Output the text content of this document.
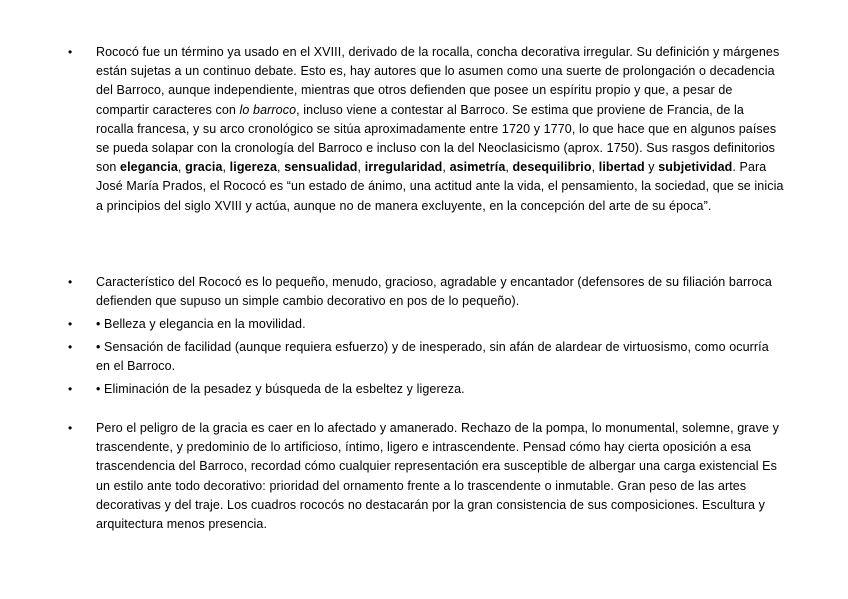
• Rococó fue un término ya usado en el XVIII, derivado de la rocalla, concha decorativa irregular. Su definición y márgenes están sujetas a un continuo debate. Esto es, hay autores que lo asumen como una suerte de prolongación o decadencia del Barroco, aunque independiente, mientras que otros defienden que posee un espíritu propio y que, a pesar de compartir caracteres con lo barroco, incluso viene a contestar al Barroco. Se estima que proviene de Francia, de la rocalla francesa, y su arco cronológico se sitúa aproximadamente entre 1720 y 1770, lo que hace que en algunos países se pueda solapar con la cronología del Barroco e incluso con la del Neoclasicismo (aprox. 1750). Sus rasgos definitorios son elegancia, gracia, ligereza, sensualidad, irregularidad, asimetría, desequilibrio, libertad y subjetividad. Para José María Prados, el Rococó es “un estado de ánimo, una actitud ante la vida, el pensamiento, la sociedad, que se inicia a principios del siglo XVIII y actúa, aunque no de manera excluyente, en la concepción del arte de su época”.
• Característico del Rococó es lo pequeño, menudo, gracioso, agradable y encantador (defensores de su filiación barroca defienden que supuso un simple cambio decorativo en pos de lo pequeño).
• • Belleza y elegancia en la movilidad.
• • Sensación de facilidad (aunque requiera esfuerzo) y de inesperado, sin afán de alardear de virtuosismo, como ocurría en el Barroco.
• • Eliminación de la pesadez y búsqueda de la esbeltez y ligereza.
• Pero el peligro de la gracia es caer en lo afectado y amanerado. Rechazo de la pompa, lo monumental, solemne, grave y trascendente, y predominio de lo artificioso, íntimo, ligero e intrascendente. Pensad cómo hay cierta oposición a esa trascendencia del Barroco, recordad cómo cualquier representación era susceptible de albergar una carga existencial Es un estilo ante todo decorativo: prioridad del ornamento frente a lo trascendente o inmutable. Gran peso de las artes decorativas y del traje. Los cuadros rococós no destacarán por la gran consistencia de sus composiciones. Escultura y arquitectura menos presencia.
